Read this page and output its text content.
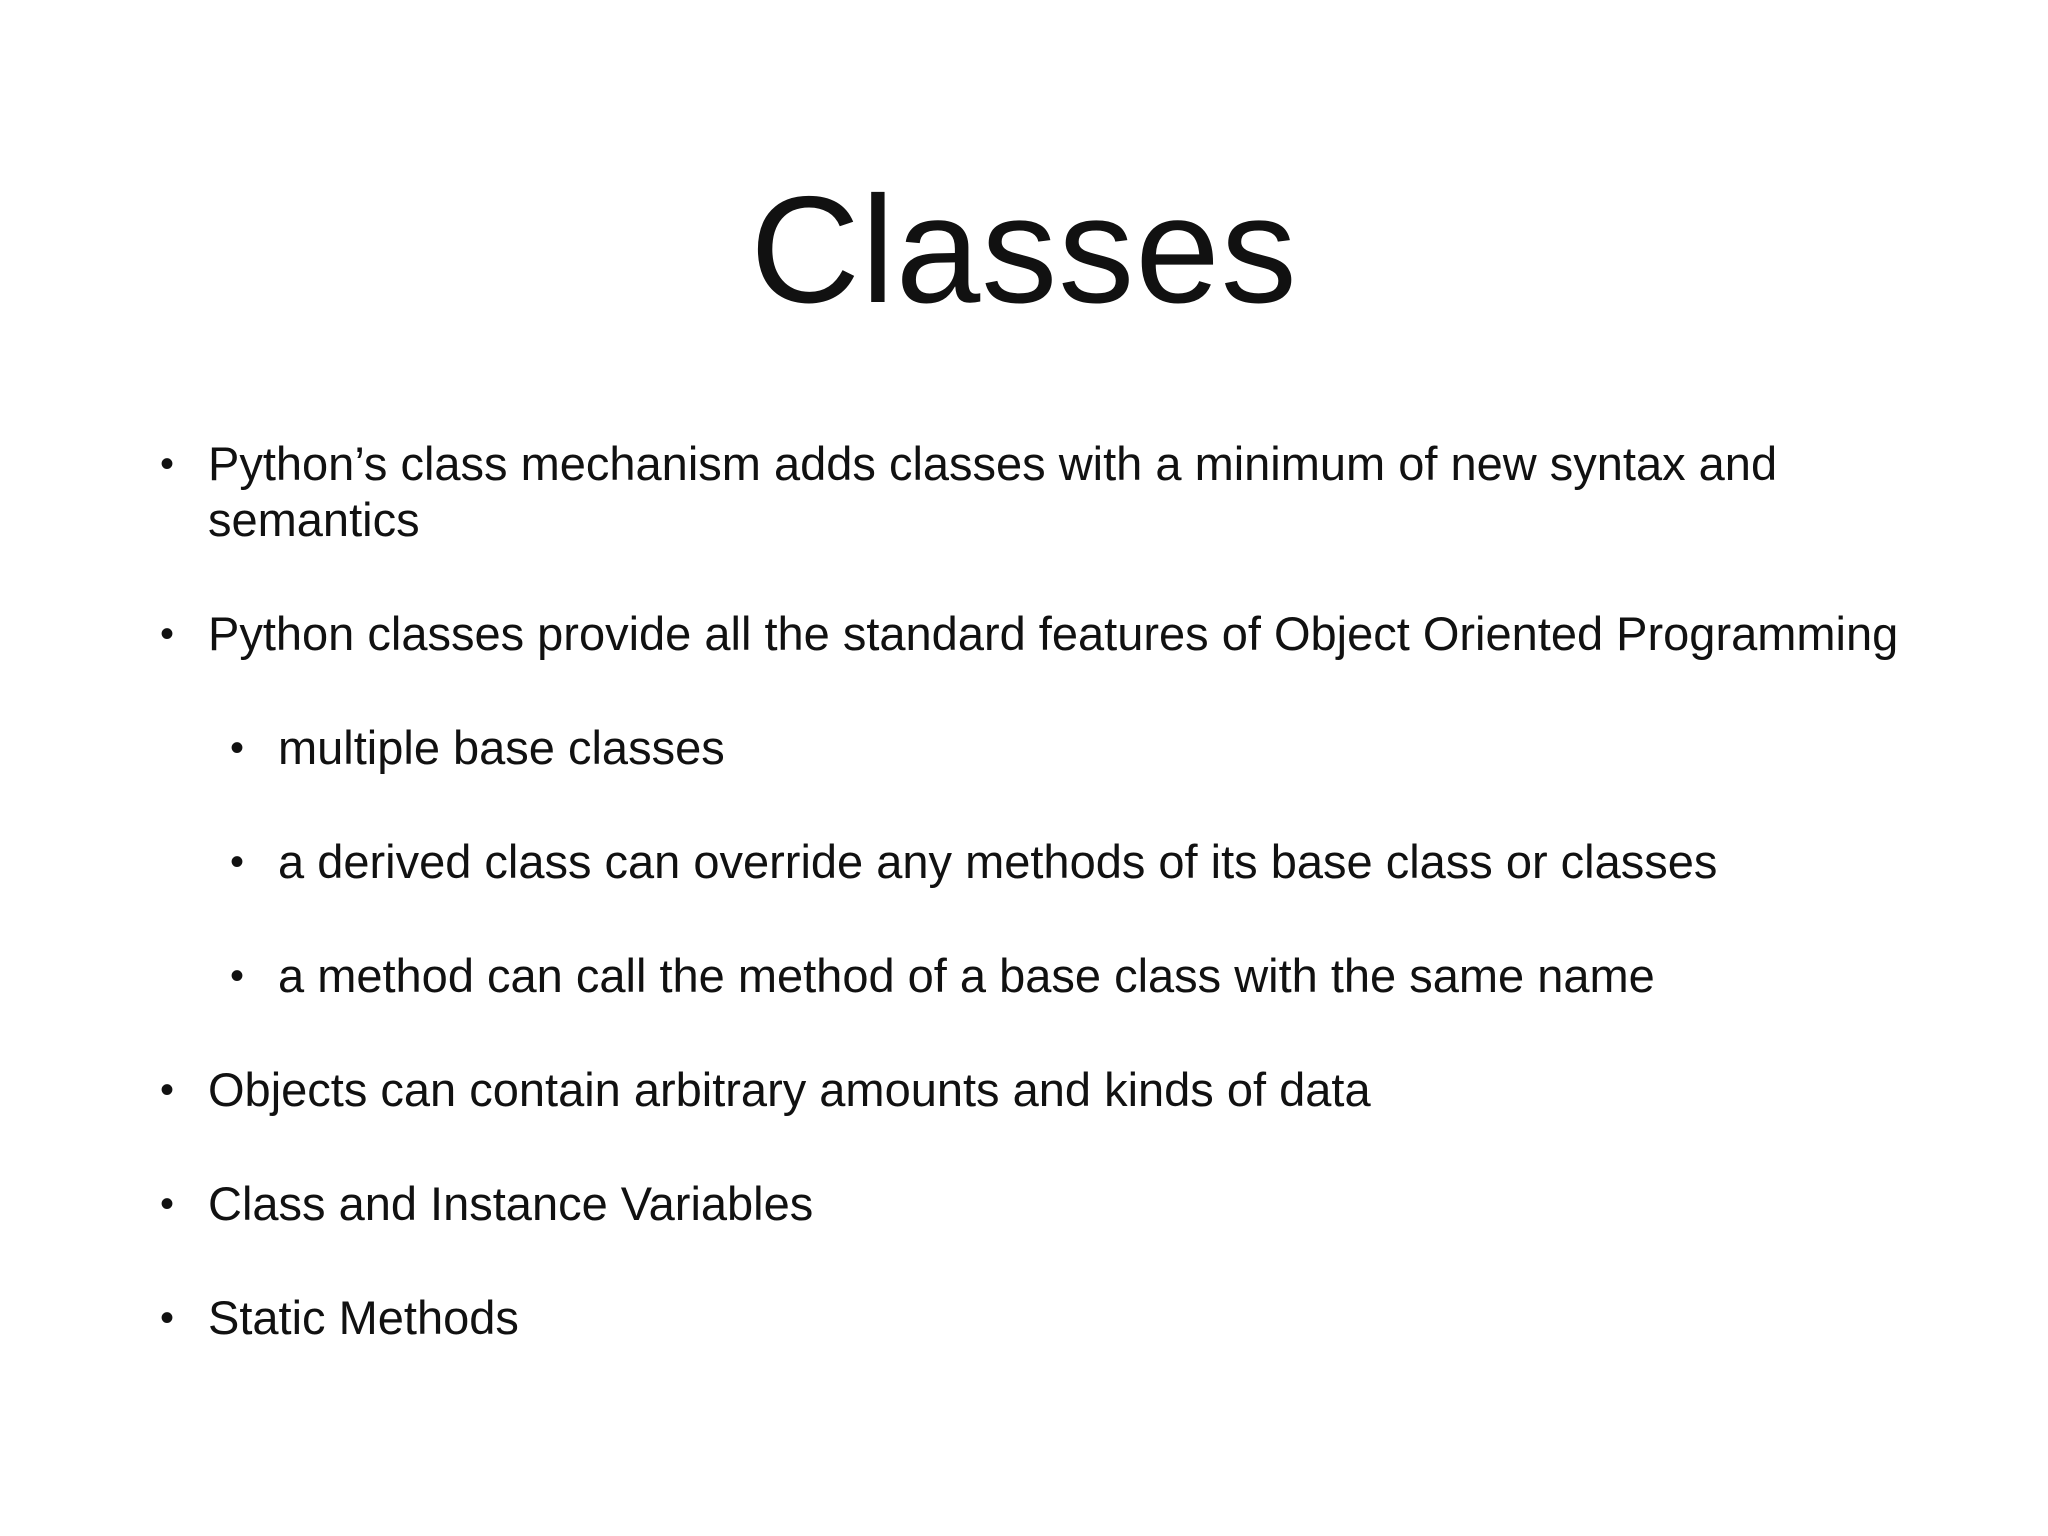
Classes
• Python’s class mechanism adds classes with a minimum of new syntax and semantics
• Python classes provide all the standard features of Object Oriented Programming
• multiple base classes
• a derived class can override any methods of its base class or classes
• a method can call the method of a base class with the same name
• Objects can contain arbitrary amounts and kinds of data
• Class and Instance Variables
• Static Methods
